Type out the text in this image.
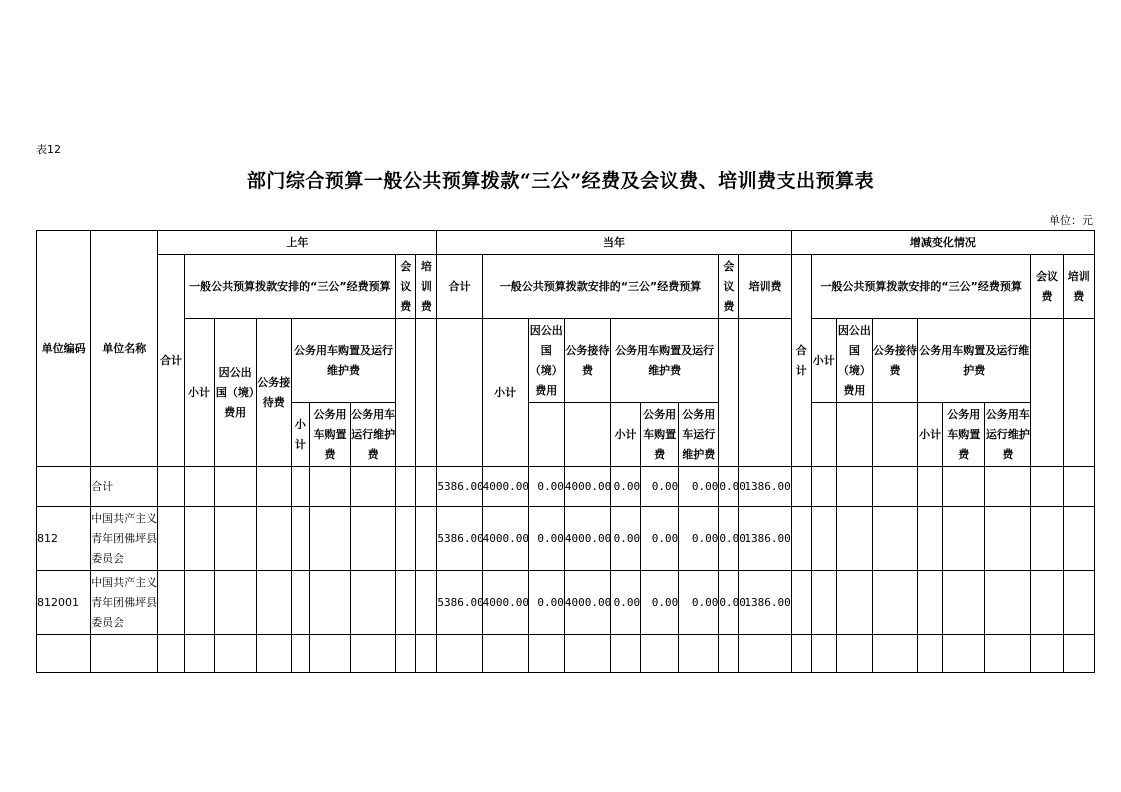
表12
部门综合预算一般公共预算拨款“三公”经费及会议费、培训费支出预算表
单位：元
单位编码	单位名称	上年									当年									增减变化情况								
		合计	一般公共预算拨款安排的“三公”经费预算						会议费	培训费	合计	一般公共预算拨款安排的“三公”经费预算						会议费	培训费	合计	一般公共预算拨款安排的“三公”经费预算						会议费	培训费
			小计	因公出国（境）费用	公务接待费	公务用车购置及运行维护费						小计	因公出国（境）费用	公务接待费	公务用车购置及运行维护费						小计	因公出国（境）费用	公务接待费	公务用车购置及运行维护费				
						小计	公务用车购置费	公务用车运行维护费							小计	公务用车购置费	公务用车运行维护费							小计	公务用车购置费	公务用车运行维护费		
	合计										5386.00	4000.00	0.00	4000.00	0.00	0.00	0.00	0.00	1386.00									
812	中国共产主义青年团佛坪县委员会										5386.00	4000.00	0.00	4000.00	0.00	0.00	0.00	0.00	1386.00									
812001	中国共产主义青年团佛坪县委员会										5386.00	4000.00	0.00	4000.00	0.00	0.00	0.00	0.00	1386.00									
